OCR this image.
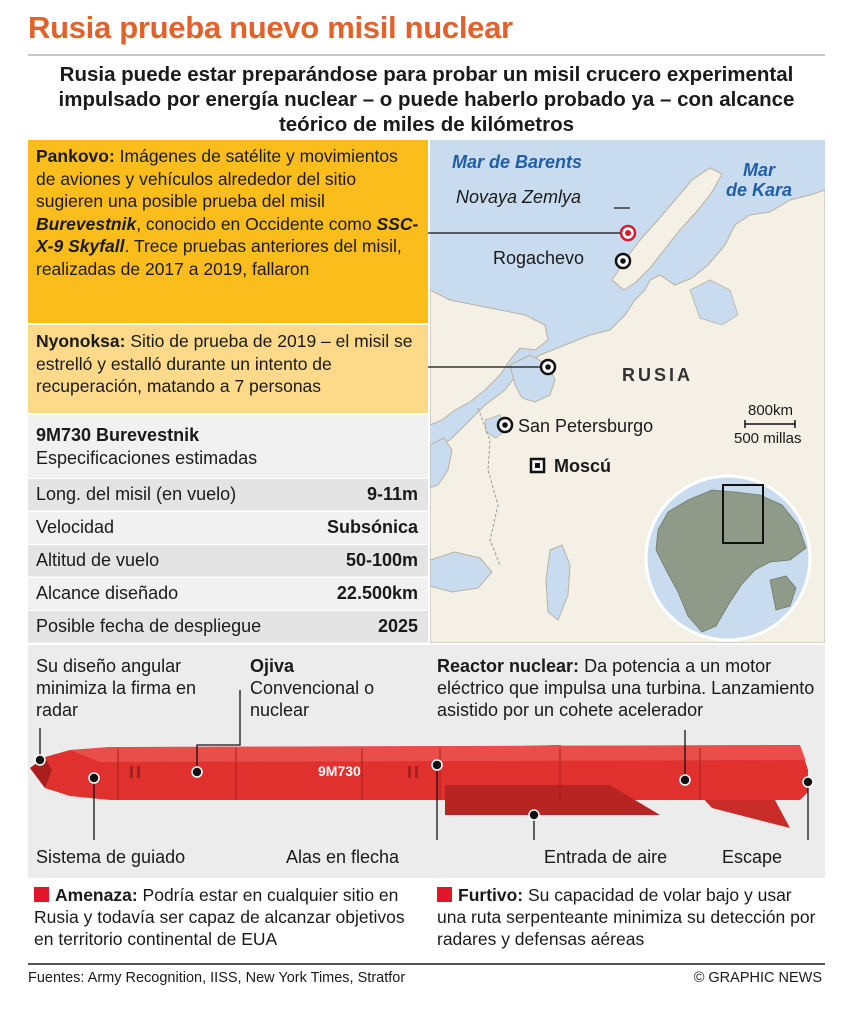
Rusia prueba nuevo misil nuclear
Rusia puede estar preparándose para probar un misil crucero experimental impulsado por energía nuclear – o puede haberlo probado ya – con alcance teórico de miles de kilómetros
Pankovo: Imágenes de satélite y movimientos de aviones y vehículos alrededor del sitio sugieren una posible prueba del misil Burevestnik, conocido en Occidente como SSC-X-9 Skyfall. Trece pruebas anteriores del misil, realizadas de 2017 a 2019, fallaron
Nyonoksa: Sitio de prueba de 2019 – el misil se estrelló y estalló durante un intento de recuperación, matando a 7 personas
9M730 Burevestnik
Especificaciones estimadas
Long. del misil (en vuelo)	9-11m
Velocidad	Subsónica
Altitud de vuelo	50-100m
Alcance diseñado	22.500km
Posible fecha de despliegue	2025
Mar de Barents	Mar
de Kara
Novaya Zemlya
Rogachevo
RUSIA
San Petersburgo
Moscú
800km
500 millas
9M730
Su diseño angular minimiza la firma en radar
Ojiva
Convencional o nuclear
Reactor nuclear: Da potencia a un motor eléctrico que impulsa una turbina. Lanzamiento asistido por un cohete acelerador
Sistema de guiado	Alas en flecha	Entrada de aire	Escape
Amenaza: Podría estar en cualquier sitio en Rusia y todavía ser capaz de alcanzar objetivos en territorio continental de EUA
Furtivo: Su capacidad de volar bajo y usar una ruta serpenteante minimiza su detección por radares y defensas aéreas
Fuentes: Army Recognition, IISS, New York Times, Stratfor	© GRAPHIC NEWS
